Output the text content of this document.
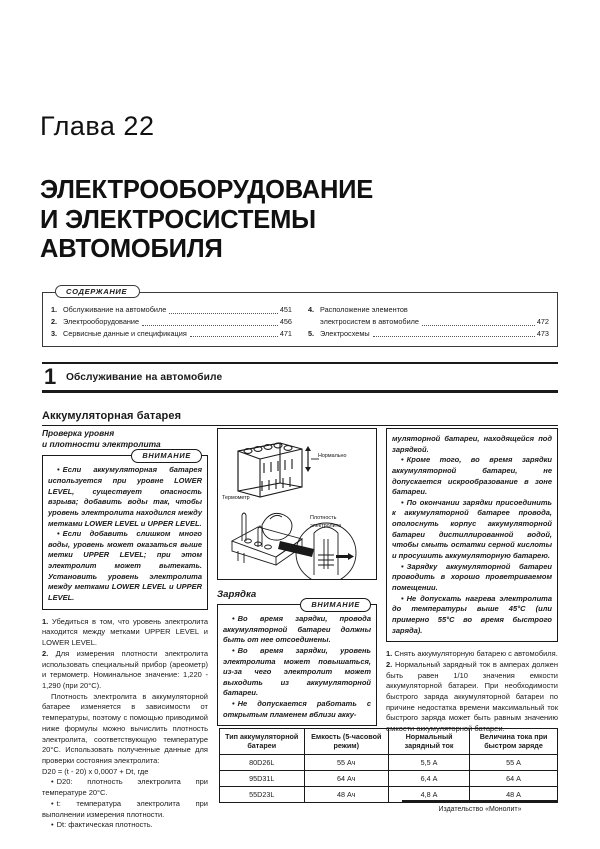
Глава 22
ЭЛЕКТРООБОРУДОВАНИЕ
И ЭЛЕКТРОСИСТЕМЫ
АВТОМОБИЛЯ
СОДЕРЖАНИЕ
1. Обслуживание на автомобиле	451
2. Электрооборудование	456
3. Сервисные данные и спецификация	471
4. Расположение элементов
электросистем в автомобиле	472
5. Электросхемы	473
1 Обслуживание на автомобиле
Аккумуляторная батарея
Проверка уровня
и плотности электролита
ВНИМАНИЕ

• Если аккумуляторная батарея используется при уровне LOWER LEVEL, существует опасность взрыва; добавить воды так, чтобы уровень электролита находился между метками LOWER LEVEL и UPPER LEVEL.

• Если добавить слишком много воды, уровень может оказаться выше метки UPPER LEVEL; при этом электролит может вытекать. Установить уровень электролита между метками LOWER LEVEL и UPPER LEVEL.

1. Убедиться в том, что уровень электролита находится между метками UPPER LEVEL и LOWER LEVEL.

2. Для измерения плотности электролита использовать специальный прибор (ареометр) и термометр. Номинальное значение: 1,220 - 1,290 (при 20°С).

Плотность электролита в аккумуляторной батарее изменяется в зависимости от температуры, поэтому с помощью приводимой ниже формулы можно вычислить плотность электролита, соответствующую температуре 20°С. Использовать полученные данные для проверки состояния электролита:

D20 = (t - 20) х 0,0007 + Dt, где

• D20: плотность электролита при температуре 20°С.

• t: температура электролита при выполнении измерения плотности.

• Dt: фактическая плотность.

Нормально
Термометр
Плотность
электролита
Зарядка
ВНИМАНИЕ

• Во время зарядки, провода аккумуляторной батареи должны быть от нее отсоединены.

• Во время зарядки, уровень электролита может повышаться, из-за чего электролит может выходить из аккумуляторной батареи.

• Не допускается работать с открытым пламенем вблизи акку-

муляторной батареи, находящейся под зарядкой.

• Кроме того, во время зарядки аккумуляторной батареи, не допускается искрообразование в зоне батареи.

• По окончании зарядки присоединить к аккумуляторной батарее провода, ополоснуть корпус аккумуляторной батареи дистиллированной водой, чтобы смыть остатки серной кислоты и просушить аккумуляторную батарею.

• Зарядку аккумуляторной батареи проводить в хорошо проветриваемом помещении.

• Не допускать нагрева электролита до температуры выше 45°С (или примерно 55°С во время быстрого заряда).

1. Снять аккумуляторную батарею с автомобиля.

2. Нормальный зарядный ток в амперах должен быть равен 1/10 значения емкости аккумуляторной батареи. При необходимости быстрого заряда аккумуляторной батареи по причине недостатка времени максимальный ток быстрого заряда может быть равным значению емкости аккумуляторной батареи.

Тип аккумуляторной батареи	Емкость (5-часовой режим)	Нормальный зарядный ток	Величина тока при быстром заряде
80D26L	55 Ач	5,5 А	55 А
95D31L	64 Ач	6,4 А	64 А
55D23L	48 Ач	4,8 А	48 А
Издательство «Монолит»
